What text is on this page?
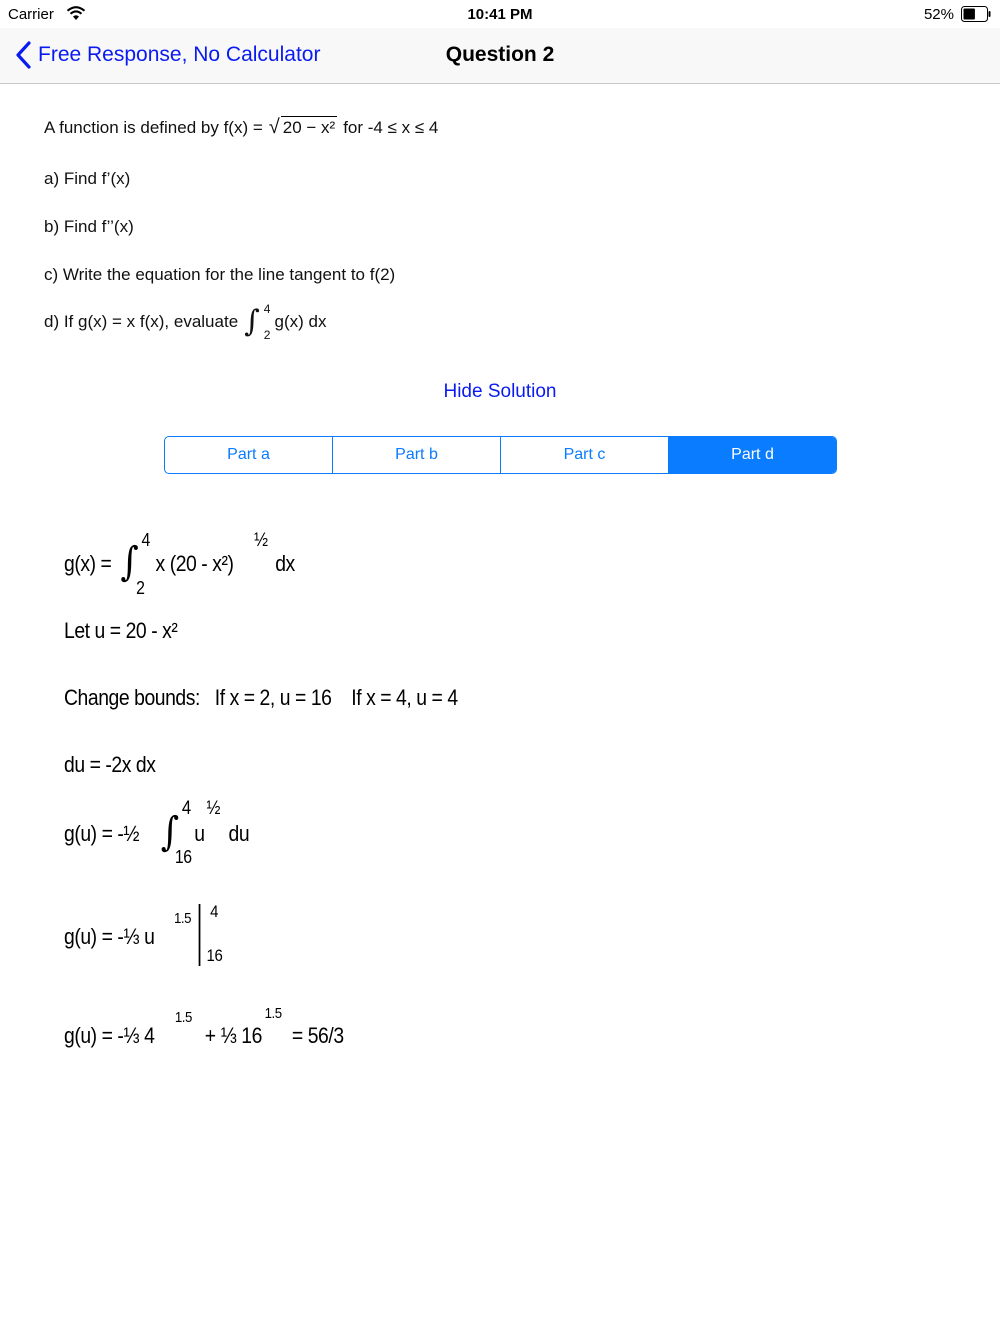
Carrier	10:41 PM	52%
Free Response, No Calculator	Question 2
A function is defined by f(x) = √ 20 − x² for -4 ≤ x ≤ 4
a) Find f’(x)
b) Find f’’(x)
c) Write the equation for the line tangent to f(2)
d) If g(x) = x f(x), evaluate ∫ 4
2
g(x) dx
Hide Solution
Part a	Part b	Part c	Part d
g(x) = ∫ 4
2
x (20 - x²)
½
dx
Let u = 20 - x²
Change bounds: If x = 2, u = 16 If x = 4, u = 4
du = -2x dx
g(u) = -½ ∫
4
16
½
u du
g(u) = -⅓ u
1.5 4
16
g(u) = -⅓ 4
1.5
+ ⅓ 16
1.5
= 56/3
